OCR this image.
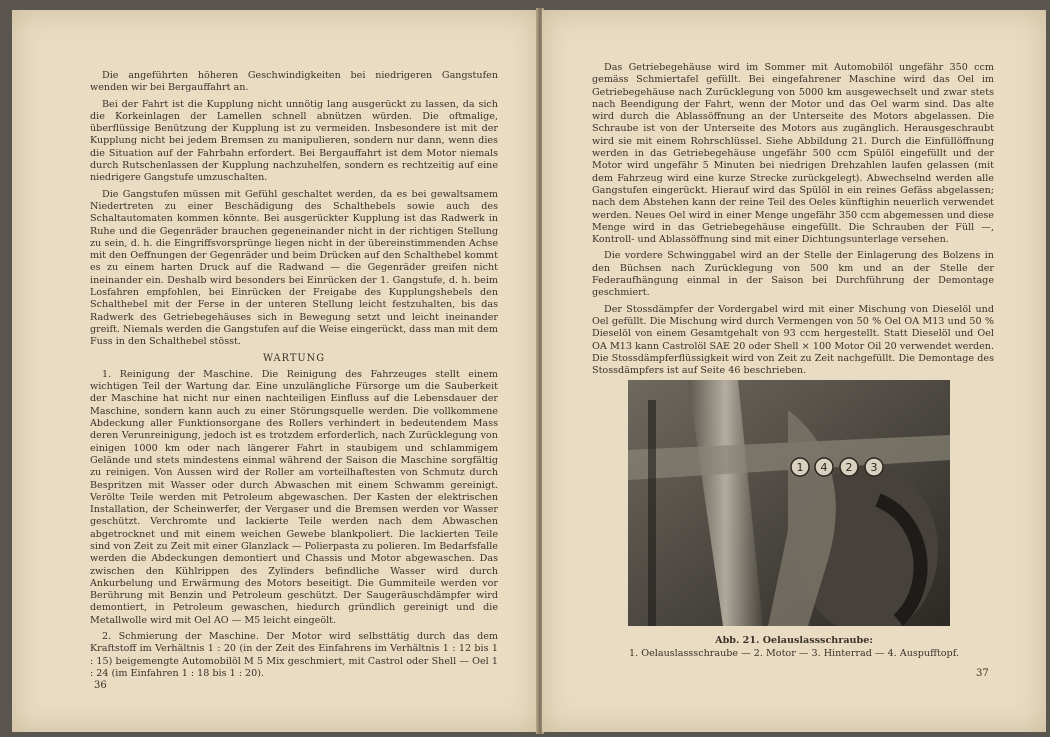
Die angeführten höheren Geschwindigkeiten bei niedrigeren Gangstufen wenden wir bei Bergauffahrt an.

Bei der Fahrt ist die Kupplung nicht unnötig lang ausgerückt zu lassen, da sich die Korkeinlagen der Lamellen schnell abnützen würden. Die oftmalige, überflüssige Benützung der Kupplung ist zu vermeiden. Insbesondere ist mit der Kupplung nicht bei jedem Bremsen zu manipulieren, sondern nur dann, wenn dies die Situation auf der Fahrbahn erfordert. Bei Bergauffahrt ist dem Motor niemals durch Rutschenlassen der Kupplung nachzuhelfen, sondern es rechtzeitig auf eine niedrigere Gangstufe umzuschalten.

Die Gangstufen müssen mit Gefühl geschaltet werden, da es bei gewaltsamem Niedertreten zu einer Beschädigung des Schalthebels sowie auch des Schaltautomaten kommen könnte. Bei ausgerückter Kupplung ist das Radwerk in Ruhe und die Gegenräder brauchen gegeneinander nicht in der richtigen Stellung zu sein, d. h. die Eingriffsvorsprünge liegen nicht in der übereinstimmenden Achse mit den Oeffnungen der Gegenräder und beim Drücken auf den Schalthebel kommt es zu einem harten Druck auf die Radwand — die Gegenräder greifen nicht ineinander ein. Deshalb wird besonders bei Einrücken der 1. Gangstufe, d. h. beim Losfahren empfohlen, bei Einrücken der Freigabe des Kupplungshebels den Schalthebel mit der Ferse in der unteren Stellung leicht festzuhalten, bis das Radwerk des Getriebegehäuses sich in Bewegung setzt und leicht ineinander greift. Niemals werden die Gangstufen auf die Weise eingerückt, dass man mit dem Fuss in den Schalthebel stösst.

WARTUNG

1. Reinigung der Maschine. Die Reinigung des Fahrzeuges stellt einem wichtigen Teil der Wartung dar. Eine unzulängliche Fürsorge um die Sauberkeit der Maschine hat nicht nur einen nachteiligen Einfluss auf die Lebensdauer der Maschine, sondern kann auch zu einer Störungsquelle werden. Die vollkommene Abdeckung aller Funktionsorgane des Rollers verhindert in bedeutendem Mass deren Verunreinigung, jedoch ist es trotzdem erforderlich, nach Zurücklegung von einigen 1000 km oder nach längerer Fahrt in staubigem und schlammigem Gelände und stets mindestens einmal während der Saison die Maschine sorgfältig zu reinigen. Von Aussen wird der Roller am vorteilhaftesten von Schmutz durch Bespritzen mit Wasser oder durch Abwaschen mit einem Schwamm gereinigt. Verölte Teile werden mit Petroleum abgewaschen. Der Kasten der elektrischen Installation, der Scheinwerfer, der Vergaser und die Bremsen werden vor Wasser geschützt. Verchromte und lackierte Teile werden nach dem Abwaschen abgetrocknet und mit einem weichen Gewebe blankpoliert. Die lackierten Teile sind von Zeit zu Zeit mit einer Glanzlack — Polierpasta zu polieren. Im Bedarfsfalle werden die Abdeckungen demontiert und Chassis und Motor abgewaschen. Das zwischen den Kühlrippen des Zylinders befindliche Wasser wird durch Ankurbelung und Erwärmung des Motors beseitigt. Die Gummiteile werden vor Berührung mit Benzin und Petroleum geschützt. Der Saugeräuschdämpfer wird demontiert, in Petroleum gewaschen, hiedurch gründlich gereinigt und die Metallwolle wird mit Oel AO — M5 leicht eingeölt.

2. Schmierung der Maschine. Der Motor wird selbsttätig durch das dem Kraftstoff im Verhältnis 1 : 20 (in der Zeit des Einfahrens im Verhältnis 1 : 12 bis 1 : 15) beigemengte Automobilöl M 5 Mix geschmiert, mit Castrol oder Shell — Oel 1 : 24 (im Einfahren 1 : 18 bis 1 : 20).

36

Das Getriebegehäuse wird im Sommer mit Automobilöl ungefähr 350 ccm gemäss Schmiertafel gefüllt. Bei eingefahrener Maschine wird das Oel im Getriebegehäuse nach Zurücklegung von 5000 km ausgewechselt und zwar stets nach Beendigung der Fahrt, wenn der Motor und das Oel warm sind. Das alte wird durch die Ablassöffnung an der Unterseite des Motors abgelassen. Die Schraube ist von der Unterseite des Motors aus zugänglich. Herausgeschraubt wird sie mit einem Rohrschlüssel. Siehe Abbildung 21. Durch die Einfüllöffnung werden in das Getriebegehäuse ungefähr 500 ccm Spülöl eingefüllt und der Motor wird ungefähr 5 Minuten bei niedrigen Drehzahlen laufen gelassen (mit dem Fahrzeug wird eine kurze Strecke zurückgelegt). Abwechselnd werden alle Gangstufen eingerückt. Hierauf wird das Spülöl in ein reines Gefäss abgelassen; nach dem Abstehen kann der reine Teil des Oeles künftighin neuerlich verwendet werden. Neues Oel wird in einer Menge ungefähr 350 ccm abgemessen und diese Menge wird in das Getriebegehäuse eingefüllt. Die Schrauben der Füll —, Kontroll- und Ablassöffnung sind mit einer Dichtungsunterlage versehen.

Die vordere Schwinggabel wird an der Stelle der Einlagerung des Bolzens in den Büchsen nach Zurücklegung von 500 km und an der Stelle der Federaufhängung einmal in der Saison bei Durchführung der Demontage geschmiert.

Der Stossdämpfer der Vordergabel wird mit einer Mischung von Dieselöl und Oel gefüllt. Die Mischung wird durch Vermengen von 50 % Oel OA M13 und 50 % Dieselöl von einem Gesamtgehalt von 93 ccm hergestellt. Statt Dieselöl und Oel OA M13 kann Castrolöl SAE 20 oder Shell × 100 Motor Oil 20 verwendet werden. Die Stossdämpferflüssigkeit wird von Zeit zu Zeit nachgefüllt. Die Demontage des Stossdämpfers ist auf Seite 46 beschrieben.

1 4 2 3
Abb. 21. Oelauslassschraube:
1. Oelauslassschraube — 2. Motor — 3. Hinterrad — 4. Auspufftopf.
37
